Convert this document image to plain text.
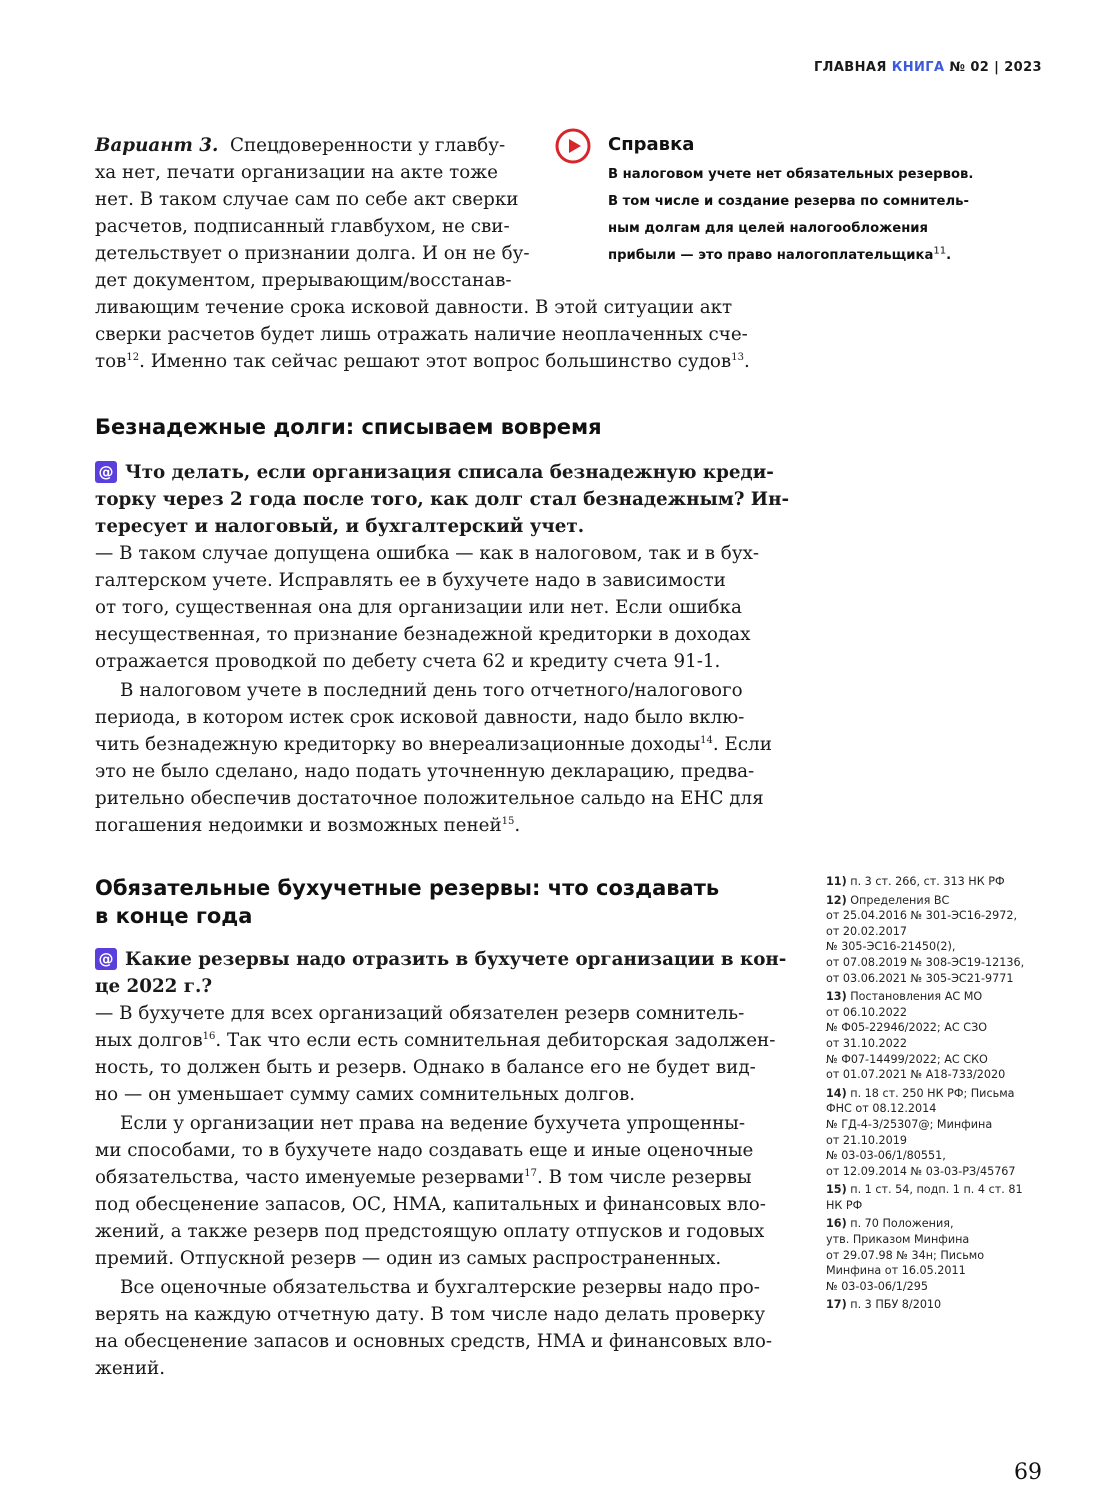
ГЛАВНАЯ КНИГА № 02 | 2023
Вариант 3. Спецдоверенности у главбу-
ха нет, печати организации на акте тоже
нет. В таком случае сам по себе акт сверки
расчетов, подписанный главбухом, не сви-
детельствует о признании долга. И он не бу-
дет документом, прерывающим/восстанав-
ливающим течение срока исковой давности. В этой ситуации акт
сверки расчетов будет лишь отражать наличие неоплаченных сче-
тов$^{12}$. Именно так сейчас решают этот вопрос большинство судов$^{13}$.
Справка
В налоговом учете нет обязательных резервов.
В том числе и создание резерва по сомнитель-
ным долгам для целей налогообложения
прибыли — это право налогоплательщика$^{11}$.
Безнадежные долги: списываем вовремя
@ Что делать, если организация списала безнадежную креди-
торку через 2 года после того, как долг стал безнадежным? Ин-
тересует и налоговый, и бухгалтерский учет.
— В таком случае допущена ошибка — как в налоговом, так и в бух-
галтерском учете. Исправлять ее в бухучете надо в зависимости
от того, существенная она для организации или нет. Если ошибка
несущественная, то признание безнадежной кредиторки в доходах
отражается проводкой по дебету счета 62 и кредиту счета 91-1.
В налоговом учете в последний день того отчетного/налогового
периода, в котором истек срок исковой давности, надо было вклю-
чить безнадежную кредиторку во внереализационные доходы$^{14}$. Если
это не было сделано, надо подать уточненную декларацию, предва-
рительно обеспечив достаточное положительное сальдо на ЕНС для
погашения недоимки и возможных пеней$^{15}$.
Обязательные бухучетные резервы: что создавать
в конце года
@ Какие резервы надо отразить в бухучете организации в кон-
це 2022 г.?
— В бухучете для всех организаций обязателен резерв сомнитель-
ных долгов$^{16}$. Так что если есть сомнительная дебиторская задолжен-
ность, то должен быть и резерв. Однако в балансе его не будет вид-
но — он уменьшает сумму самих сомнительных долгов.
Если у организации нет права на ведение бухучета упрощенны-
ми способами, то в бухучете надо создавать еще и иные оценочные
обязательства, часто именуемые резервами$^{17}$. В том числе резервы
под обесценение запасов, ОС, НМА, капитальных и финансовых вло-
жений, а также резерв под предстоящую оплату отпусков и годовых
премий. Отпускной резерв — один из самых распространенных.
Все оценочные обязательства и бухгалтерские резервы надо про-
верять на каждую отчетную дату. В том числе надо делать проверку
на обесценение запасов и основных средств, НМА и финансовых вло-
жений.
11) п. 3 ст. 266, ст. 313 НК РФ
12) Определения ВС
от 25.04.2016 № 301-ЭС16-2972,
от 20.02.2017
№ 305-ЭС16-21450(2),
от 07.08.2019 № 308-ЭС19-12136,
от 03.06.2021 № 305-ЭС21-9771
13) Постановления АС МО
от 06.10.2022
№ Ф05-22946/2022; АС СЗО
от 31.10.2022
№ Ф07-14499/2022; АС СКО
от 01.07.2021 № А18-733/2020
14) п. 18 ст. 250 НК РФ; Письма
ФНС от 08.12.2014
№ ГД-4-3/25307@; Минфина
от 21.10.2019
№ 03-03-06/1/80551,
от 12.09.2014 № 03-03-РЗ/45767
15) п. 1 ст. 54, подп. 1 п. 4 ст. 81
НК РФ
16) п. 70 Положения,
утв. Приказом Минфина
от 29.07.98 № 34н; Письмо
Минфина от 16.05.2011
№ 03-03-06/1/295
17) п. 3 ПБУ 8/2010
69
